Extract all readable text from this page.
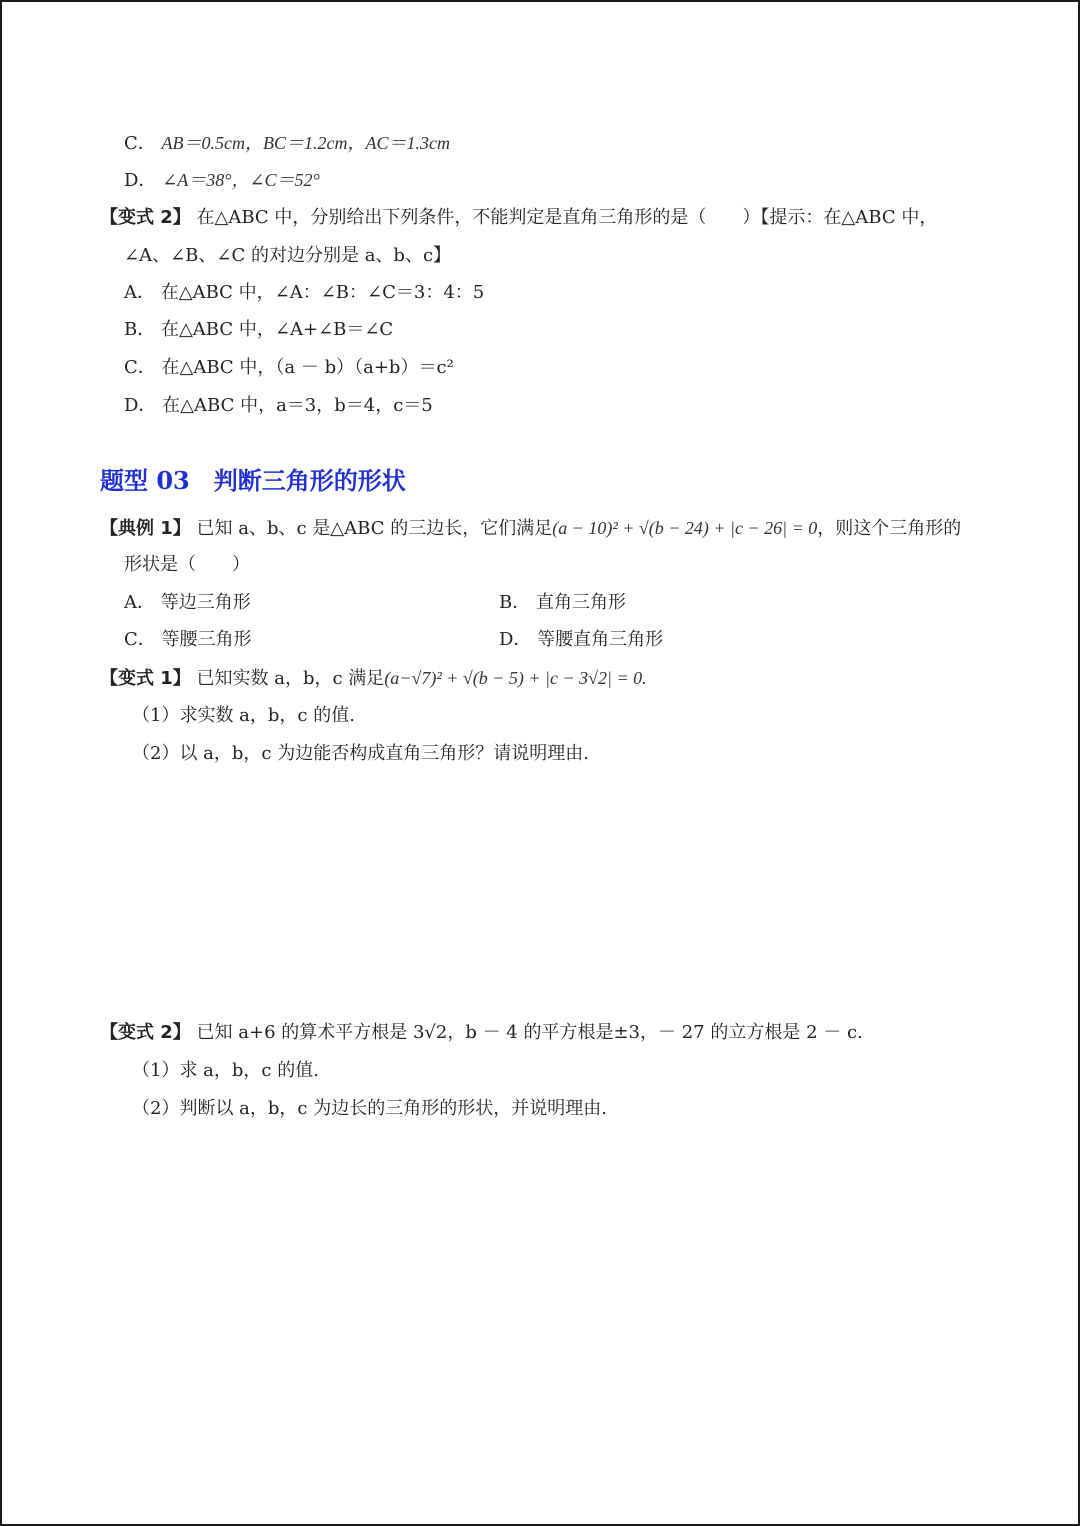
C． AB＝0.5cm，BC＝1.2cm，AC＝1.3cm
D． ∠A＝38°，∠C＝52°
【变式 2】 在△ABC 中，分别给出下列条件，不能判定是直角三角形的是（　　）【提示：在△ABC 中，
∠A、∠B、∠C 的对边分别是 a、b、c】
A． 在△ABC 中，∠A：∠B：∠C＝3：4：5
B． 在△ABC 中，∠A+∠B＝∠C
C． 在△ABC 中，（a － b）（a+b）＝c²
D． 在△ABC 中，a＝3，b＝4，c＝5
题型 03 判断三角形的形状
【典例 1】 已知 a、b、c 是△ABC 的三边长，它们满足(a − 10)² + √(b − 24) + |c − 26| = 0，则这个三角形的
形状是（　　）
A． 等边三角形	B． 直角三角形
C． 等腰三角形	D． 等腰直角三角形
【变式 1】 已知实数 a，b，c 满足(a−√7)² + √(b − 5) + |c − 3√2| = 0.
（1）求实数 a，b，c 的值.
（2）以 a，b，c 为边能否构成直角三角形？请说明理由.
【变式 2】 已知 a+6 的算术平方根是 3√2，b － 4 的平方根是±3，－ 27 的立方根是 2 － c.
（1）求 a，b，c 的值.
（2）判断以 a，b，c 为边长的三角形的形状，并说明理由.
